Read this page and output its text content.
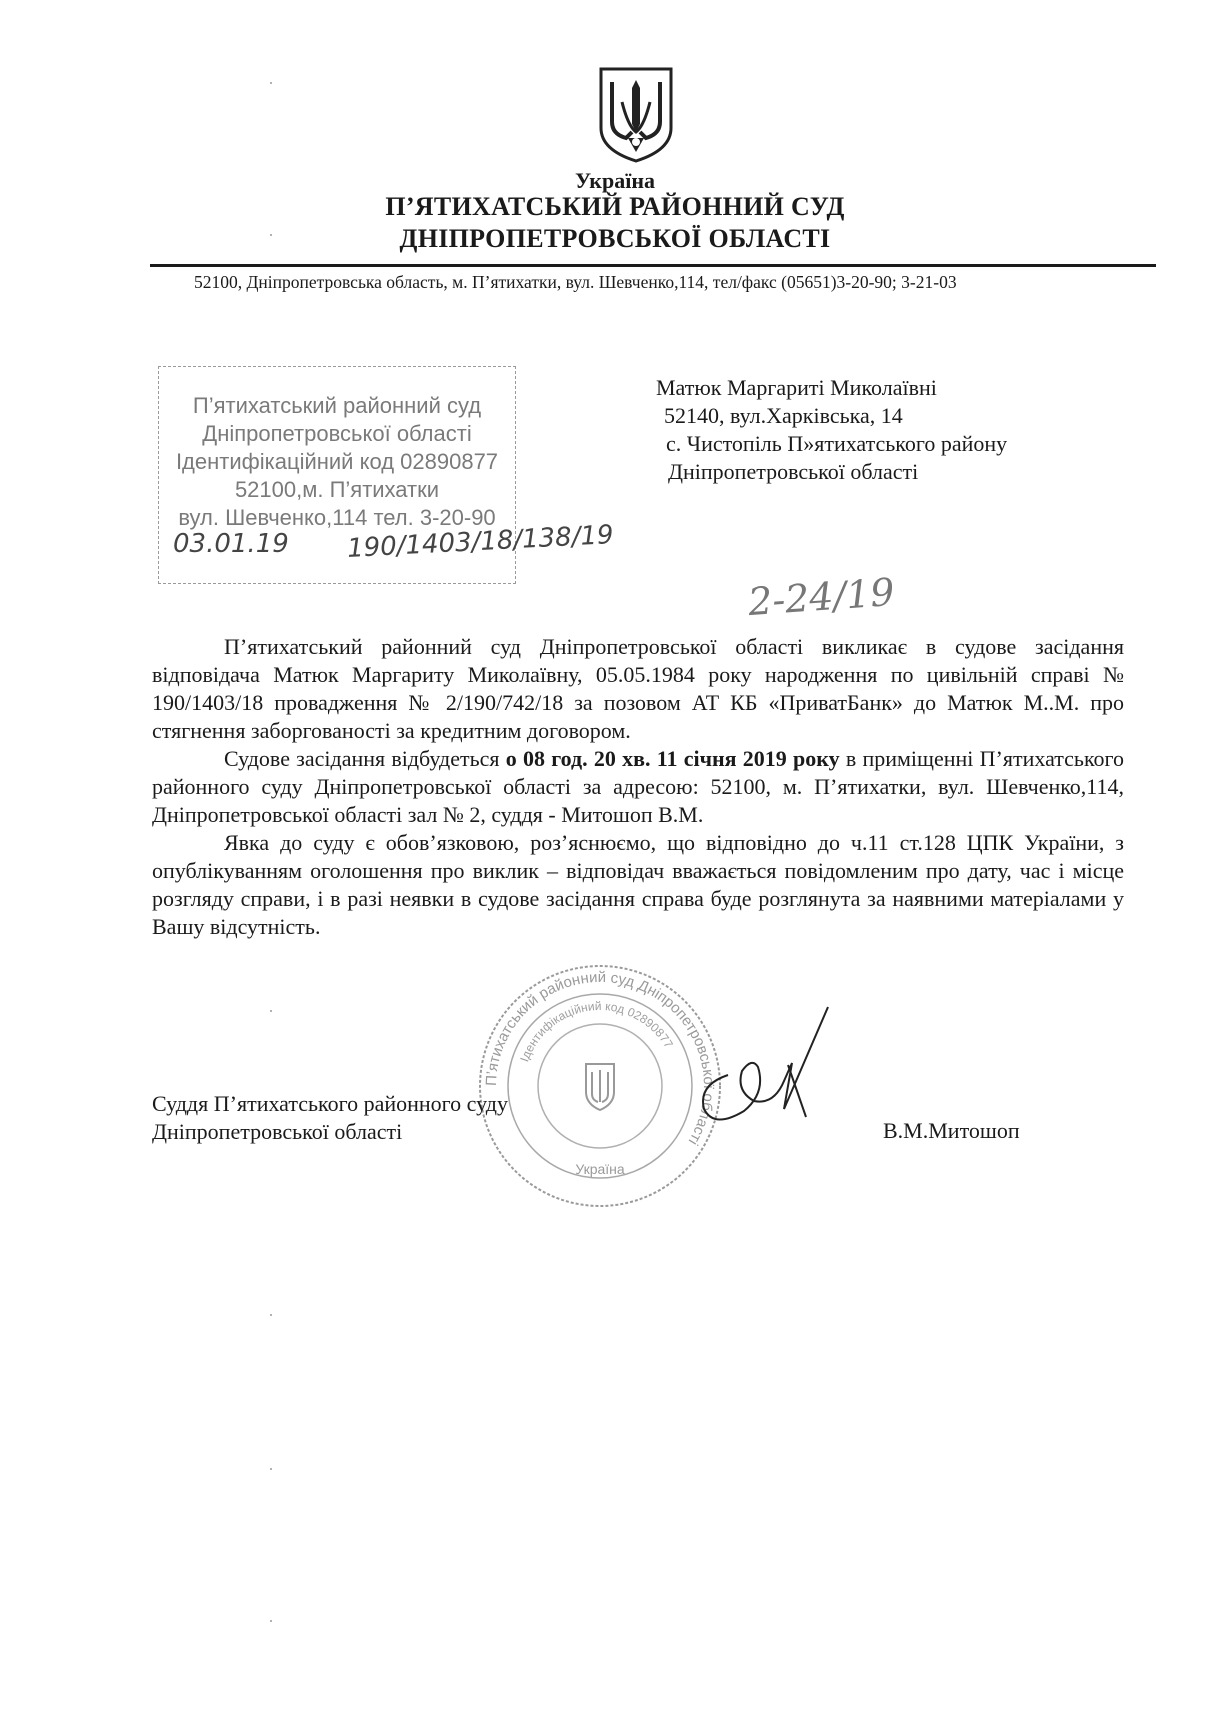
Україна
П’ЯТИХАТСЬКИЙ РАЙОННИЙ СУД
ДНІПРОПЕТРОВСЬКОЇ ОБЛАСТІ
52100, Дніпропетровська область, м. П’ятихатки, вул. Шевченко,114, тел/факс (05651)3-20-90; 3-21-03
П’ятихатський районний суд
Дніпропетровської області
Ідентифікаційний код 02890877
52100,м. П’ятихатки
вул. Шевченко,114 тел. 3-20-90
03.01.19 190/1403/18/138/19
Матюк Маргариті Миколаївні
52140, вул.Харківська, 14
с. Чистопіль П»ятихатського району
Дніпропетровської області
2-24/19

П’ятихатський районний суд Дніпропетровської області викликає в судове засідання відповідача Матюк Маргариту Миколаївну, 05.05.1984 року народження по цивільній справі № 190/1403/18 провадження № 2/190/742/18 за позовом АТ КБ «ПриватБанк» до Матюк М..М. про стягнення заборгованості за кредитним договором.

Судове засідання відбудеться о 08 год. 20 хв. 11 січня 2019 року в приміщенні П’ятихатського районного суду Дніпропетровської області за адресою: 52100, м. П’ятихатки, вул. Шевченко,114, Дніпропетровської області зал № 2, суддя - Митошоп В.М.

Явка до суду є обов’язковою, роз’яснюємо, що відповідно до ч.11 ст.128 ЦПК України, з опублікуванням оголошення про виклик – відповідач вважається повідомленим про дату, час і місце розгляду справи, і в разі неявки в судове засідання справа буде розглянута за наявними матеріалами у Вашу відсутність.

П’ятихатський районний суд Дніпропетровської області
Ідентифікаційний код 02890877
Україна
Суддя П’ятихатського районного суду
Дніпропетровської області	В.М.Митошоп
